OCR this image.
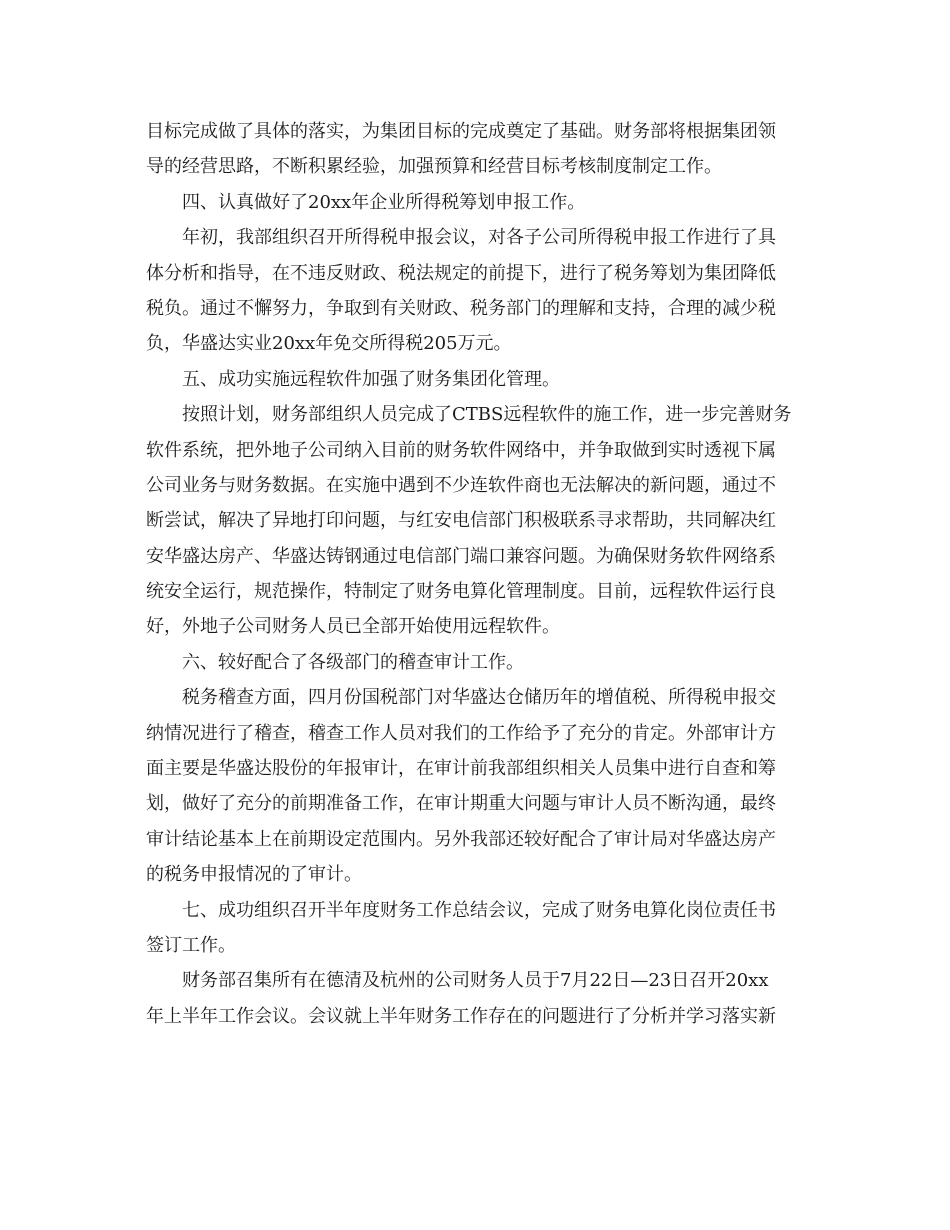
目标完成做了具体的落实，为集团目标的完成奠定了基础。财务部将根据集团领
导的经营思路，不断积累经验，加强预算和经营目标考核制度制定工作。
四、认真做好了20xx年企业所得税筹划申报工作。
年初，我部组织召开所得税申报会议，对各子公司所得税申报工作进行了具
体分析和指导，在不违反财政、税法规定的前提下，进行了税务筹划为集团降低
税负。通过不懈努力，争取到有关财政、税务部门的理解和支持，合理的减少税
负，华盛达实业20xx年免交所得税205万元。
五、成功实施远程软件加强了财务集团化管理。
按照计划，财务部组织人员完成了CTBS远程软件的施工作，进一步完善财务
软件系统，把外地子公司纳入目前的财务软件网络中，并争取做到实时透视下属
公司业务与财务数据。在实施中遇到不少连软件商也无法解决的新问题，通过不
断尝试，解决了异地打印问题，与红安电信部门积极联系寻求帮助，共同解决红
安华盛达房产、华盛达铸钢通过电信部门端口兼容问题。为确保财务软件网络系
统安全运行，规范操作，特制定了财务电算化管理制度。目前，远程软件运行良
好，外地子公司财务人员已全部开始使用远程软件。
六、较好配合了各级部门的稽查审计工作。
税务稽查方面，四月份国税部门对华盛达仓储历年的增值税、所得税申报交
纳情况进行了稽查，稽查工作人员对我们的工作给予了充分的肯定。外部审计方
面主要是华盛达股份的年报审计，在审计前我部组织相关人员集中进行自查和筹
划，做好了充分的前期准备工作，在审计期重大问题与审计人员不断沟通，最终
审计结论基本上在前期设定范围内。另外我部还较好配合了审计局对华盛达房产
的税务申报情况的了审计。
七、成功组织召开半年度财务工作总结会议，完成了财务电算化岗位责任书
签订工作。
财务部召集所有在德清及杭州的公司财务人员于7月22日—23日召开20xx
年上半年工作会议。会议就上半年财务工作存在的问题进行了分析并学习落实新
